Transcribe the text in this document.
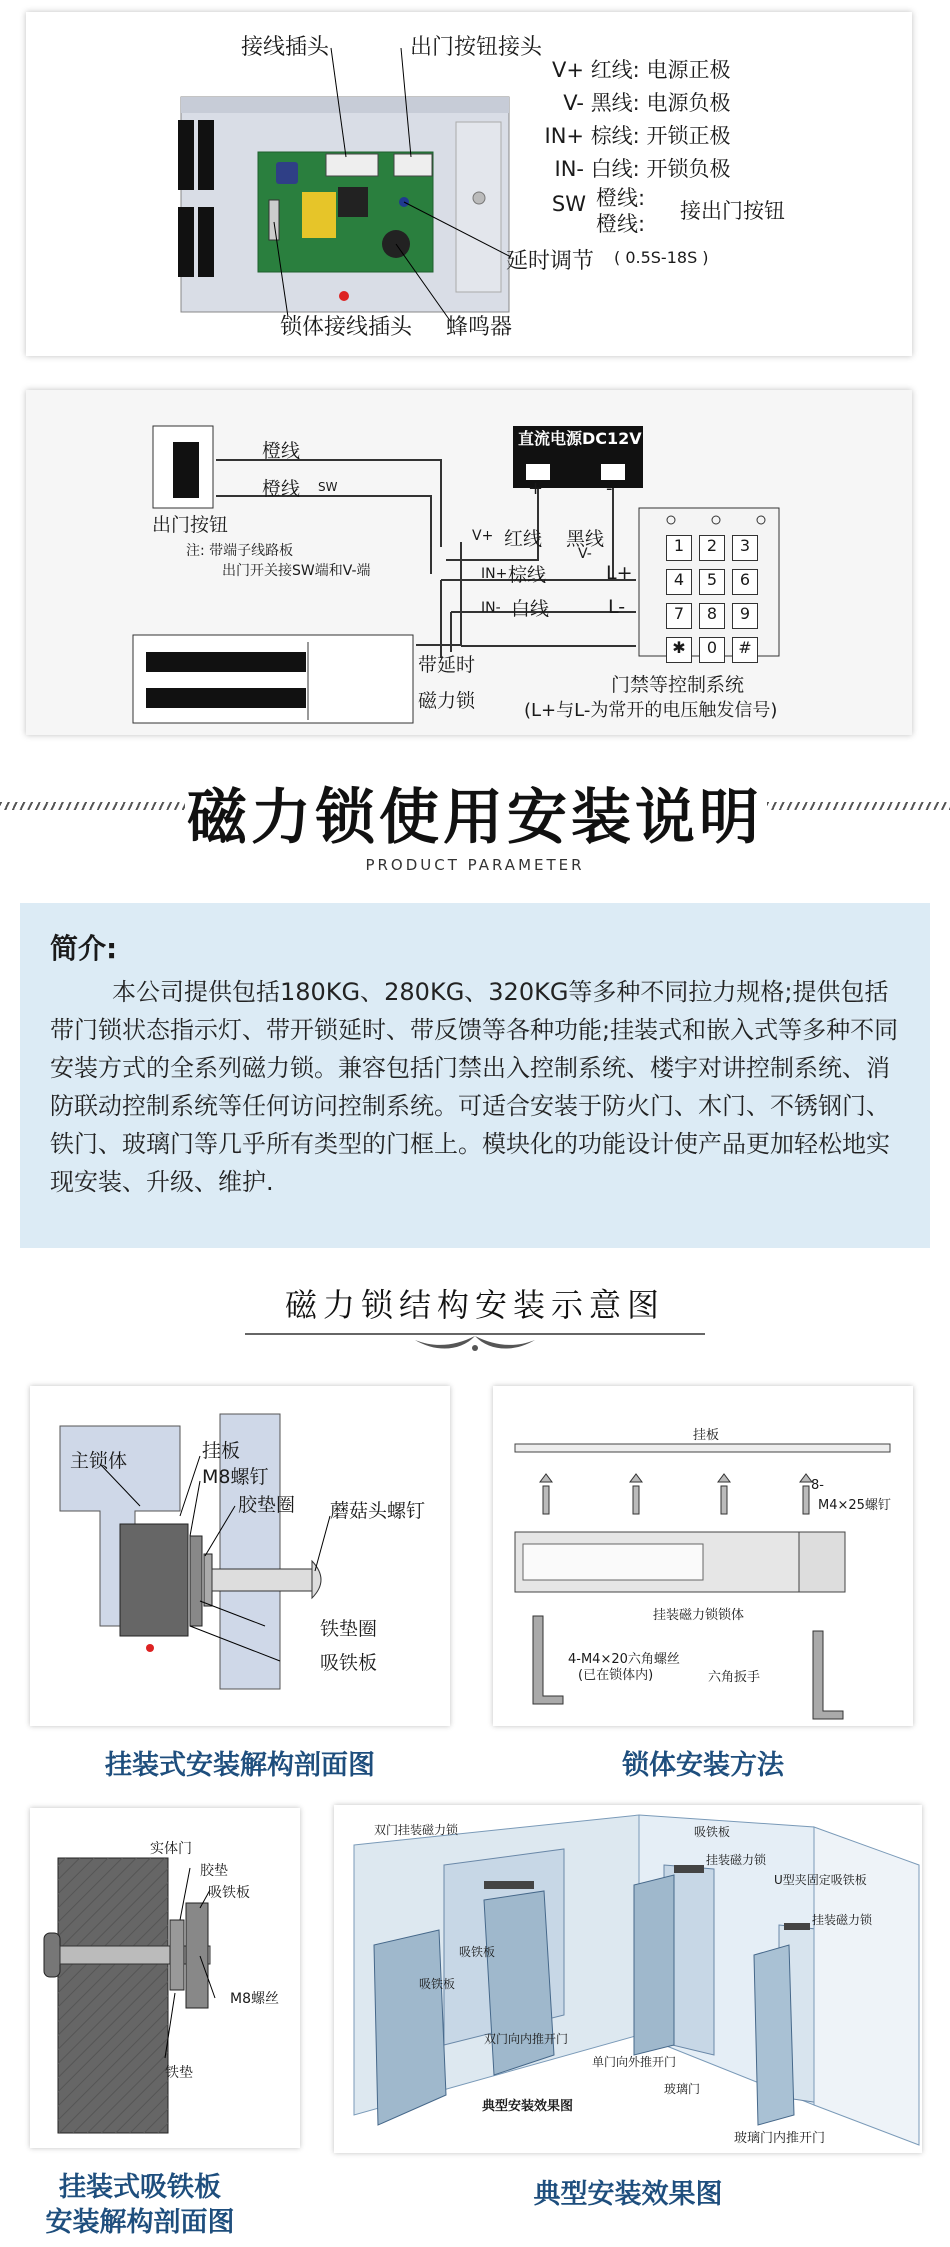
接线插头	出门按钮接头
延时调节 ( 0.5S-18S )
锁体接线插头 蜂鸣器
V+ 红线: 电源正极
V- 黑线: 电源负极
IN+ 棕线: 开锁正极
IN- 白线: 开锁负极
SW 橙线:
橙线:
接出门按钮
直流电源DC12V
+	-
橙线
橙线 SW
出门按钮
注: 带端子线路板
出门开关接SW端和V-端
V+ 红线 黑线
V-
IN+ 棕线	L+
IN- 白线	L-
带延时
磁力锁
1	2	3
4	5	6
7	8	9
✱	0	#
门禁等控制系统
(L+与L-为常开的电压触发信号)
磁力锁使用安装说明
PRODUCT PARAMETER
简介:

本公司提供包括180KG、280KG、320KG等多种不同拉力规格;提供包括带门锁状态指示灯、带开锁延时、带反馈等各种功能;挂装式和嵌入式等多种不同安装方式的全系列磁力锁。兼容包括门禁出入控制系统、楼宇对讲控制系统、消防联动控制系统等任何访问控制系统。可适合安装于防火门、木门、不锈钢门、铁门、玻璃门等几乎所有类型的门框上。模块化的功能设计使产品更加轻松地实现安装、升级、维护.

磁力锁结构安装示意图
主锁体	挂板
M8螺钉
胶垫圈 蘑菇头螺钉
铁垫圈
吸铁板
挂装式安装解构剖面图
挂板
8-
M4×25螺钉
挂装磁力锁锁体
4-M4×20六角螺丝
(已在锁体内)	六角扳手
锁体安装方法
实体门
胶垫
吸铁板
M8螺丝
铁垫
挂装式吸铁板
安装解构剖面图
双门挂装磁力锁	吸铁板
挂装磁力锁
U型夹固定吸铁板
挂装磁力锁
吸铁板
吸铁板
双门向内推开门
单门向外推开门
玻璃门
典型安装效果图
玻璃门内推开门
典型安装效果图
